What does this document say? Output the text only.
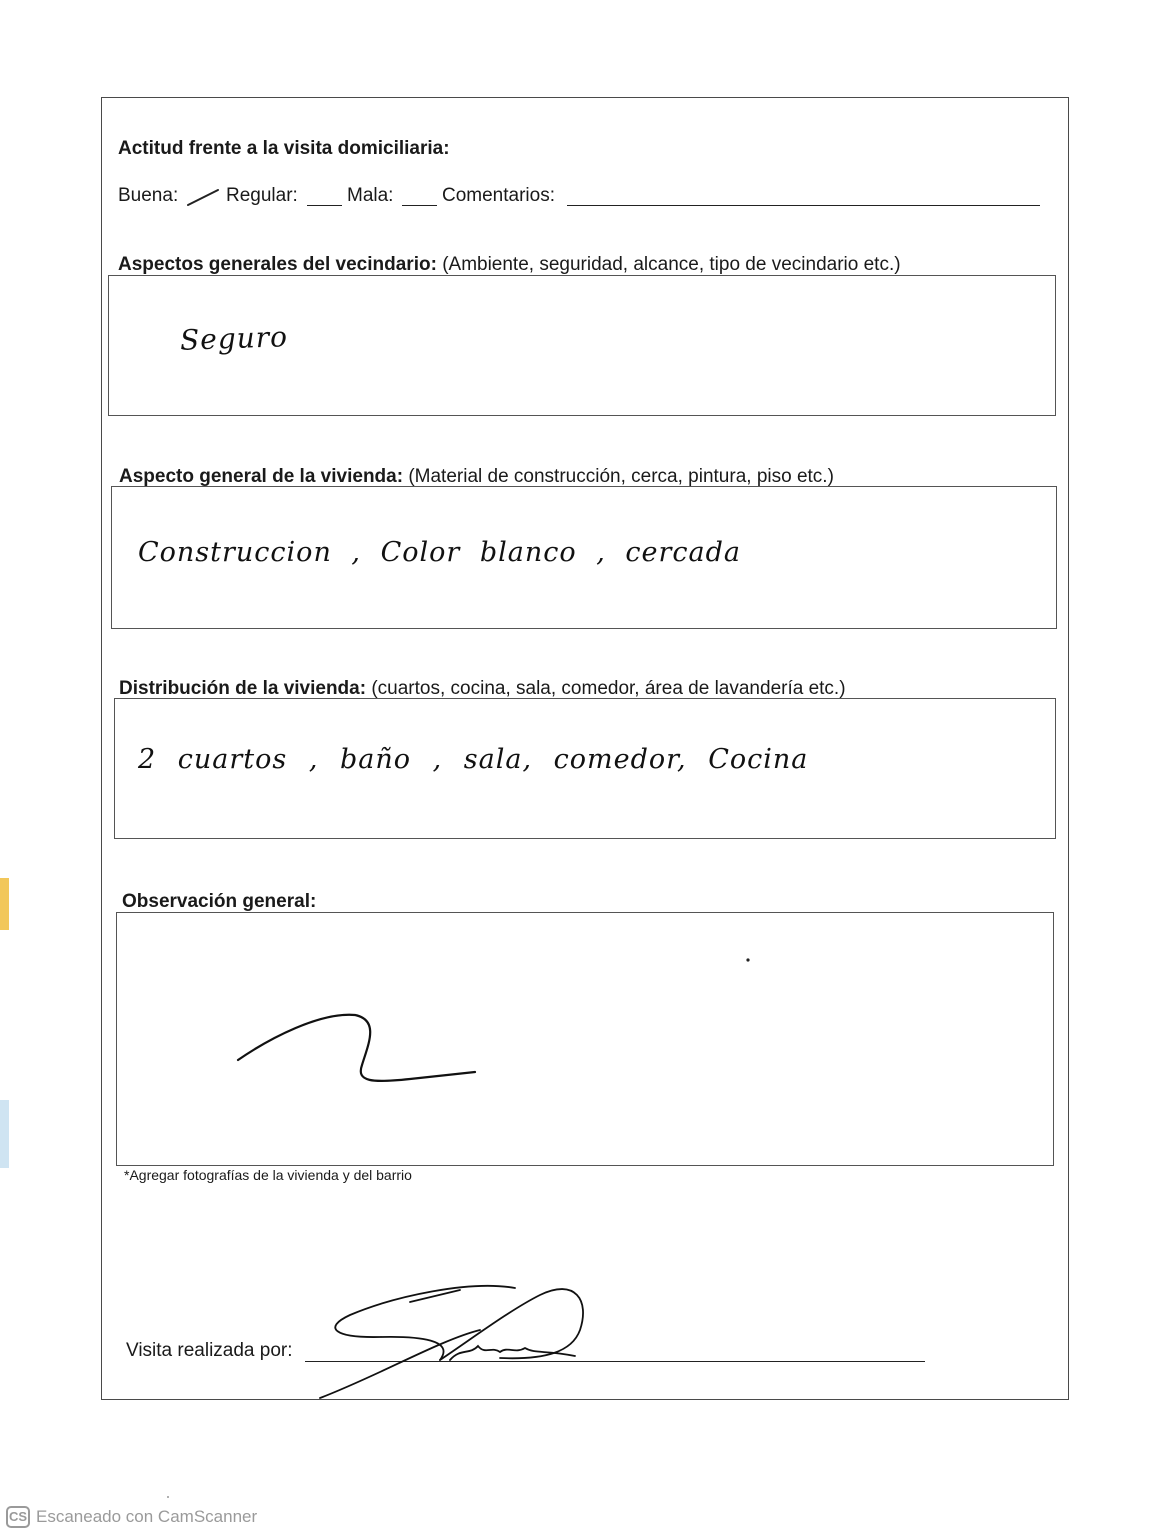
Actitud frente a la visita domiciliaria:
Buena:	Regular:	Mala:	Comentarios:
Aspectos generales del vecindario: (Ambiente, seguridad, alcance, tipo de vecindario etc.)
Seguro
Aspecto general de la vivienda: (Material de construcción, cerca, pintura, piso etc.)
Construccion , Color blanco , cercada
Distribución de la vivienda: (cuartos, cocina, sala, comedor, área de lavandería etc.)
2 cuartos , baño , sala, comedor, Cocina
Observación general:
*Agregar fotografías de la vivienda y del barrio
Visita realizada por:
CS Escaneado con CamScanner
